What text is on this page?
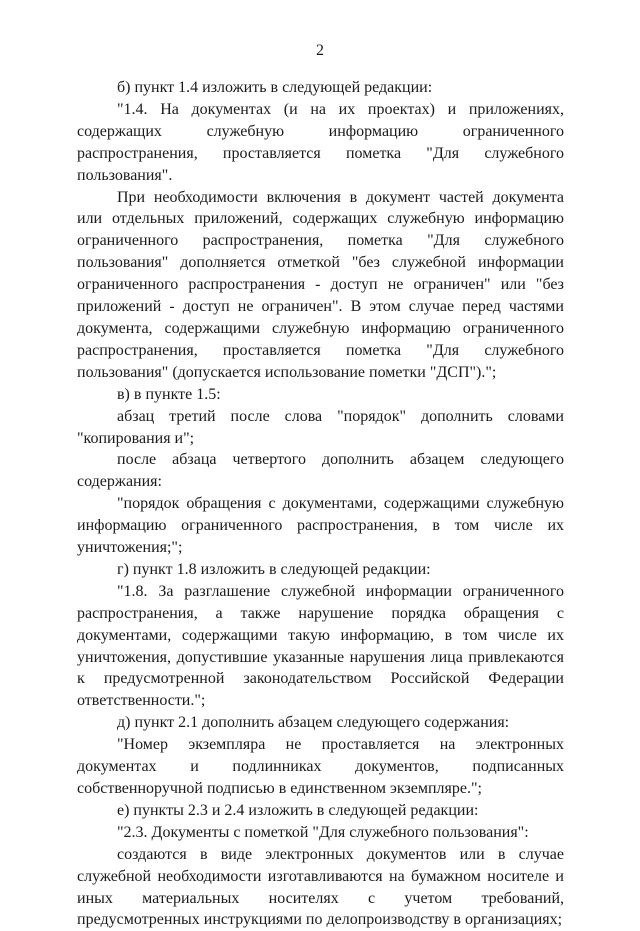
2

б) пункт 1.4 изложить в следующей редакции:

"1.4. На документах (и на их проектах) и приложениях, содержащих служебную информацию ограниченного распространения, проставляется пометка "Для служебного пользования".

При необходимости включения в документ частей документа или отдельных приложений, содержащих служебную информацию ограниченного распространения, пометка "Для служебного пользования" дополняется отметкой "без служебной информации ограниченного распространения - доступ не ограничен" или "без приложений - доступ не ограничен". В этом случае перед частями документа, содержащими служебную информацию ограниченного распространения, проставляется пометка "Для служебного пользования" (допускается использование пометки "ДСП").";

в) в пункте 1.5:

абзац третий после слова "порядок" дополнить словами "копирования и";

после абзаца четвертого дополнить абзацем следующего содержания:

"порядок обращения с документами, содержащими служебную информацию ограниченного распространения, в том числе их уничтожения;";

г) пункт 1.8 изложить в следующей редакции:

"1.8. За разглашение служебной информации ограниченного распространения, а также нарушение порядка обращения с документами, содержащими такую информацию, в том числе их уничтожения, допустившие указанные нарушения лица привлекаются к предусмотренной законодательством Российской Федерации ответственности.";

д) пункт 2.1 дополнить абзацем следующего содержания:

"Номер экземпляра не проставляется на электронных документах и подлинниках документов, подписанных собственноручной подписью в единственном экземпляре.";

е) пункты 2.3 и 2.4 изложить в следующей редакции:

"2.3. Документы с пометкой "Для служебного пользования":

создаются в виде электронных документов или в случае служебной необходимости изготавливаются на бумажном носителе и иных материальных носителях с учетом требований, предусмотренных инструкциями по делопроизводству в организациях;
